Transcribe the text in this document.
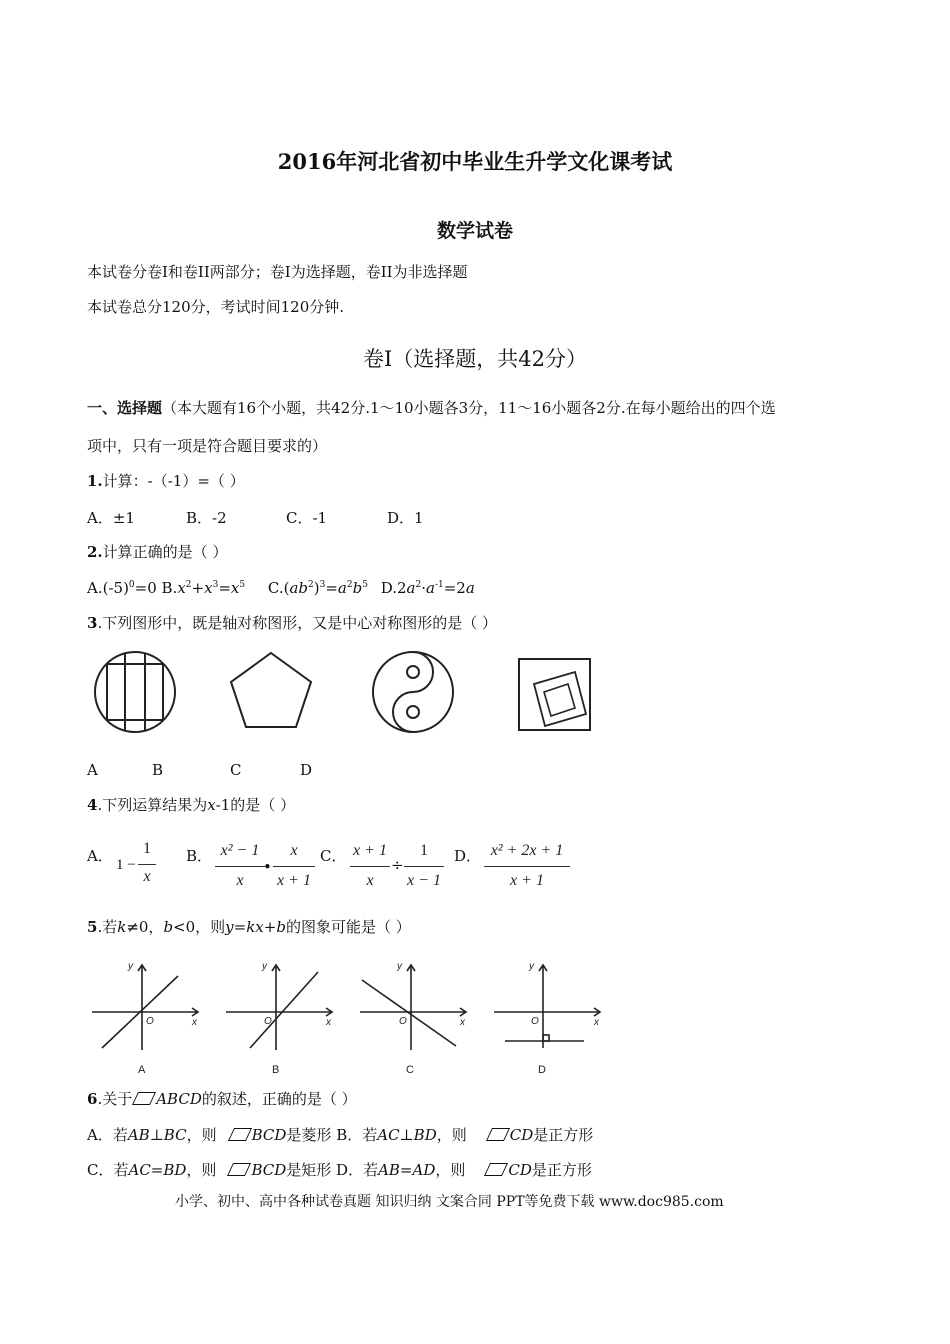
2016年河北省初中毕业生升学文化课考试
数学试卷
本试卷分卷I和卷II两部分；卷I为选择题，卷II为非选择题
本试卷总分120分，考试时间120分钟.
卷I（选择题，共42分）
一、选择题（本大题有16个小题，共42分.1～10小题各3分，11～16小题各2分.在每小题给出的四个选
项中，只有一项是符合题目要求的）
1.计算：-（-1）=（ ）
A．±1	B．-2	C．-1	D．1
2.计算正确的是（ ）
$A.(-5)^0=0$ $B.x^2+x^3=x^5$ $C.(ab^2)^3=a^2b^5$ $D.2a^2\cdot a^{-1}=2a$
3.下列图形中，既是轴对称图形，又是中心对称图形的是（ ）
A	B	C	D
4.下列运算结果为x-1的是（ ）
A． 1 −
1
x
B． x² − 1
x
•
x
x + 1
C． x + 1
x
÷
1
x − 1
D． x² + 2x + 1
x + 1
5.若k≠0，b<0，则y=kx+b的图象可能是（ ）
y
x
O
y
x
O
y
x
O
y
x
O
A	B	C	D
6.关于 ABCD的叙述，正确的是（ ）
A．若AB⊥BC，则 BCD是菱形 B．若AC⊥BD，则	CD是正方形
C．若AC=BD，则 BCD是矩形 D．若AB=AD，则	CD是正方形
小学、初中、高中各种试卷真题 知识归纳 文案合同 PPT等免费下载 www.doc985.com
